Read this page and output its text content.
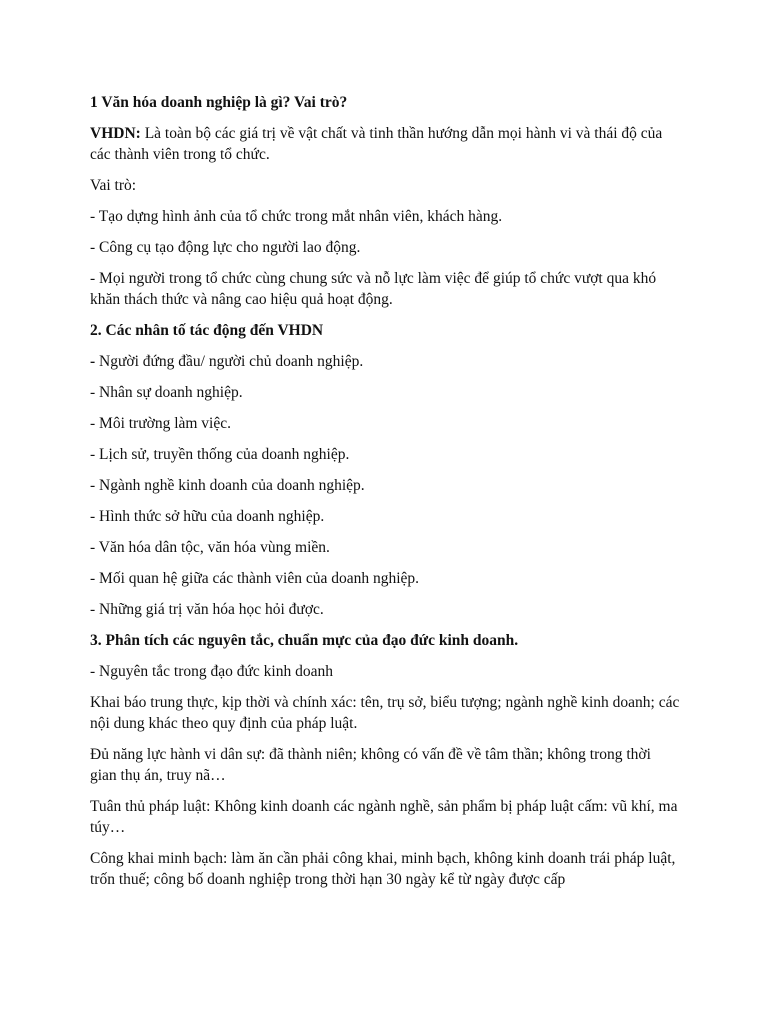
1 Văn hóa doanh nghiệp là gì? Vai trò?

VHDN: Là toàn bộ các giá trị về vật chất và tinh thần hướng dẫn mọi hành vi và thái độ của các thành viên trong tổ chức.

Vai trò:

- Tạo dựng hình ảnh của tổ chức trong mắt nhân viên, khách hàng.

- Công cụ tạo động lực cho người lao động.

- Mọi người trong tổ chức cùng chung sức và nỗ lực làm việc để giúp tổ chức vượt qua khó khăn thách thức và nâng cao hiệu quả hoạt động.

2. Các nhân tố tác động đến VHDN

- Người đứng đầu/ người chủ doanh nghiệp.

- Nhân sự doanh nghiệp.

- Môi trường làm việc.

- Lịch sử, truyền thống của doanh nghiệp.

- Ngành nghề kinh doanh của doanh nghiệp.

- Hình thức sở hữu của doanh nghiệp.

- Văn hóa dân tộc, văn hóa vùng miền.

- Mối quan hệ giữa các thành viên của doanh nghiệp.

- Những giá trị văn hóa học hỏi được.

3. Phân tích các nguyên tắc, chuẩn mực của đạo đức kinh doanh.

- Nguyên tắc trong đạo đức kinh doanh

Khai báo trung thực, kịp thời và chính xác: tên, trụ sở, biểu tượng; ngành nghề kinh doanh; các nội dung khác theo quy định của pháp luật.

Đủ năng lực hành vi dân sự: đã thành niên; không có vấn đề về tâm thần; không trong thời gian thụ án, truy nã…

Tuân thủ pháp luật: Không kinh doanh các ngành nghề, sản phẩm bị pháp luật cấm: vũ khí, ma túy…

Công khai minh bạch: làm ăn cần phải công khai, minh bạch, không kinh doanh trái pháp luật, trốn thuế; công bố doanh nghiệp trong thời hạn 30 ngày kể từ ngày được cấp
